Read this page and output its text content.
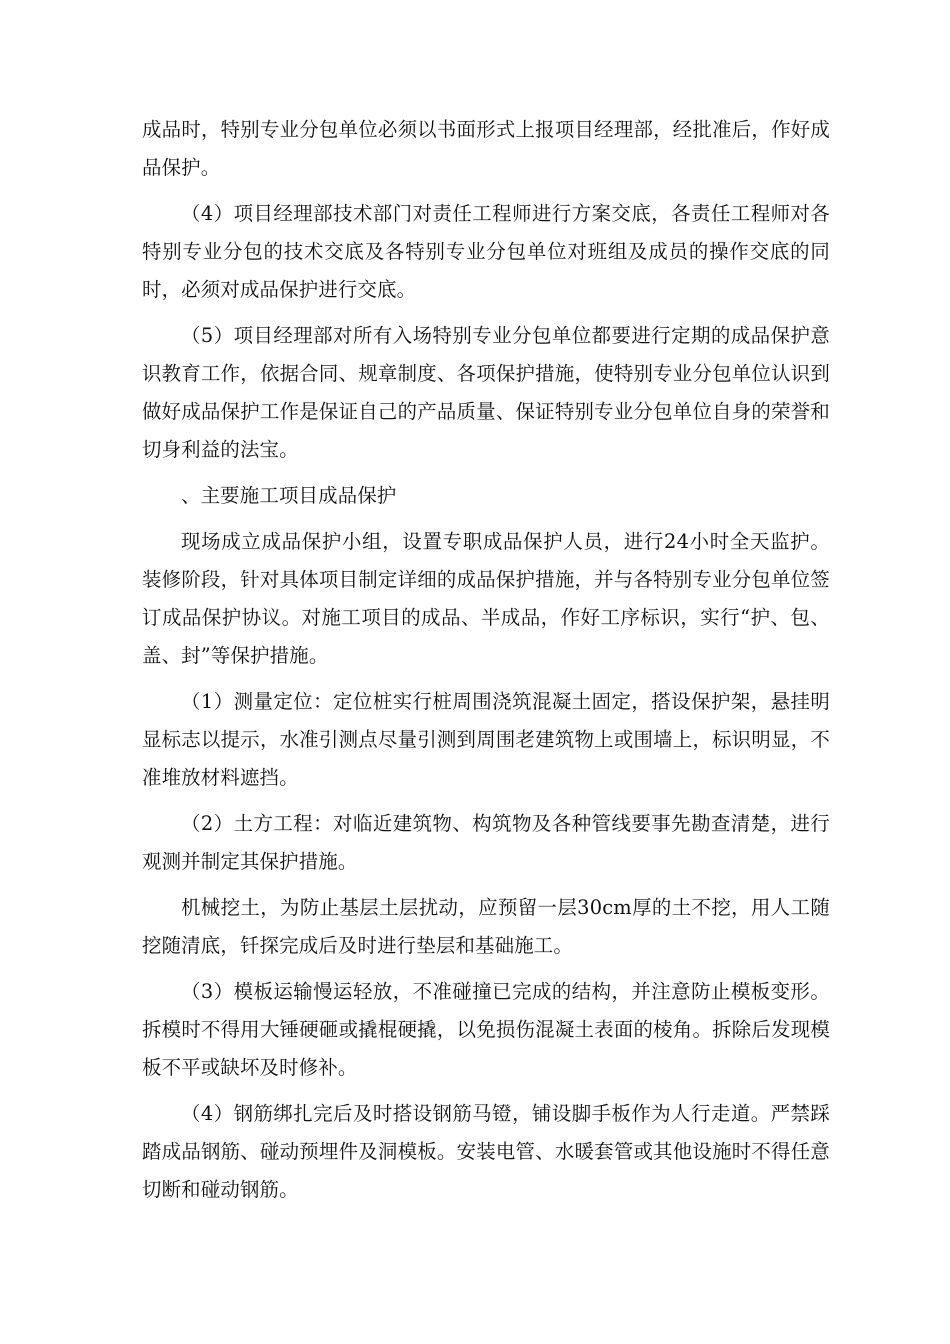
成品时，特别专业分包单位必须以书面形式上报项目经理部，经批准后，作好成品保护。

（4）项目经理部技术部门对责任工程师进行方案交底，各责任工程师对各特别专业分包的技术交底及各特别专业分包单位对班组及成员的操作交底的同时，必须对成品保护进行交底。

（5）项目经理部对所有入场特别专业分包单位都要进行定期的成品保护意识教育工作，依据合同、规章制度、各项保护措施，使特别专业分包单位认识到做好成品保护工作是保证自己的产品质量、保证特别专业分包单位自身的荣誉和切身利益的法宝。

、主要施工项目成品保护

现场成立成品保护小组，设置专职成品保护人员，进行24小时全天监护。装修阶段，针对具体项目制定详细的成品保护措施，并与各特别专业分包单位签订成品保护协议。对施工项目的成品、半成品，作好工序标识，实行“护、包、盖、封”等保护措施。

（1）测量定位：定位桩实行桩周围浇筑混凝土固定，搭设保护架，悬挂明显标志以提示，水准引测点尽量引测到周围老建筑物上或围墙上，标识明显，不准堆放材料遮挡。

（2）土方工程：对临近建筑物、构筑物及各种管线要事先勘查清楚，进行观测并制定其保护措施。

机械挖土，为防止基层土层扰动，应预留一层30cm厚的土不挖，用人工随挖随清底，钎探完成后及时进行垫层和基础施工。

（3）模板运输慢运轻放，不准碰撞已完成的结构，并注意防止模板变形。拆模时不得用大锤硬砸或撬棍硬撬，以免损伤混凝土表面的棱角。拆除后发现模板不平或缺坏及时修补。

（4）钢筋绑扎完后及时搭设钢筋马镫，铺设脚手板作为人行走道。严禁踩踏成品钢筋、碰动预埋件及洞模板。安装电管、水暖套管或其他设施时不得任意切断和碰动钢筋。
